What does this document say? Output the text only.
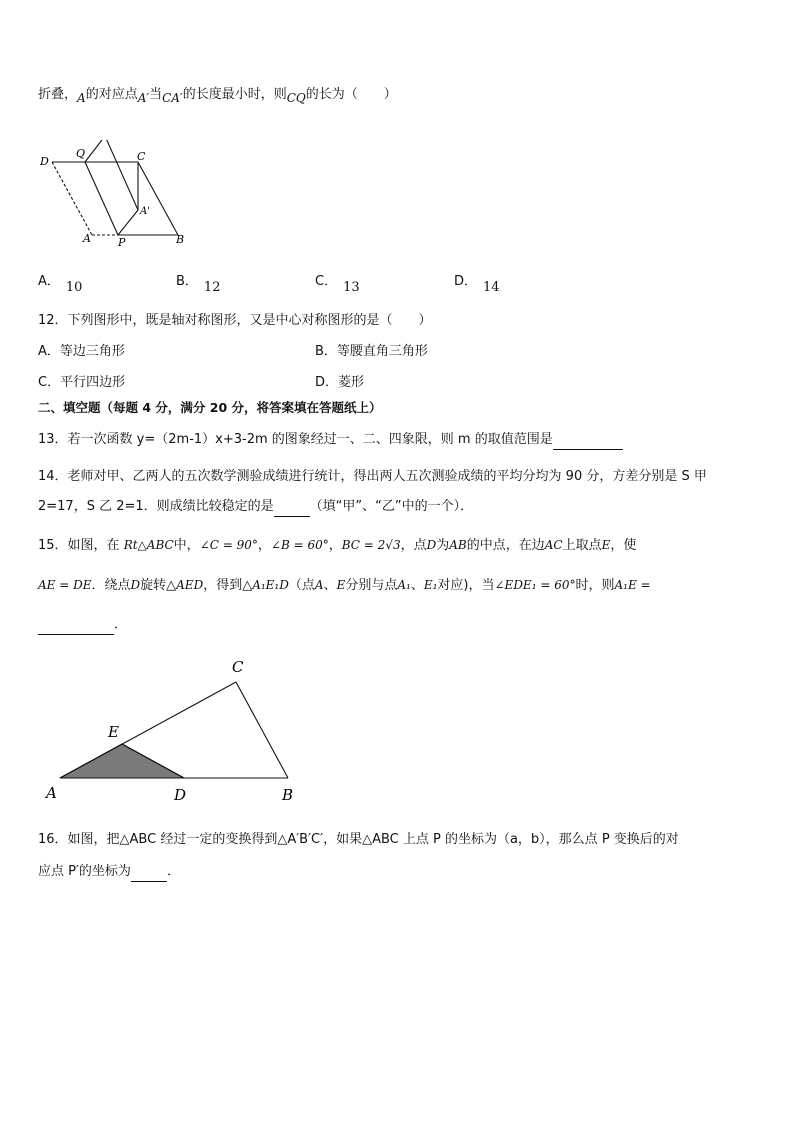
折叠，A的对应点A′当CA′的长度最小时，则CQ的长为（　　）
D
Q	C
A'
A P	B
A． 10	B． 12	C． 13	D． 14
12．下列图形中，既是轴对称图形，又是中心对称图形的是（　　）
A．等边三角形	B．等腰直角三角形
C．平行四边形	D．菱形
二、填空题（每题 4 分，满分 20 分，将答案填在答题纸上）
13．若一次函数 y=（2m-1）x+3-2m 的图象经过一、二、四象限，则 m 的取值范围是
14．老师对甲、乙两人的五次数学测验成绩进行统计，得出两人五次测验成绩的平均分均为 90 分，方差分别是 S 甲
2=17，S 乙 2=1．则成绩比较稳定的是	（填“甲”、“乙”中的一个）．
15．如图，在 Rt△ABC中，∠C = 90°，∠B = 60°，BC = 2√3，点D为AB的中点，在边AC上取点E，使
AE = DE．绕点D旋转△AED，得到△A₁E₁D（点A、E分别与点A₁、E₁对应)，当∠EDE₁ = 60°时，则A₁E =
．
C
E
A	D	B
16．如图，把△ABC 经过一定的变换得到△A′B′C′，如果△ABC 上点 P 的坐标为（a，b），那么点 P 变换后的对
应点 P′的坐标为	．
